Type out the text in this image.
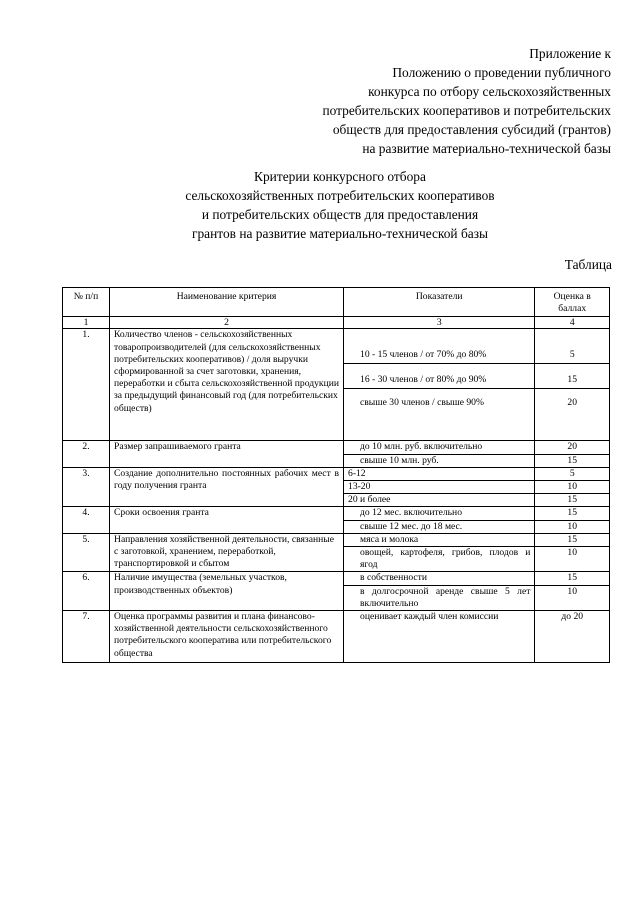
Приложение к
Положению о проведении публичного
конкурса по отбору сельскохозяйственных
потребительских кооперативов и потребительских
обществ для предоставления субсидий (грантов)
на развитие материально-технической базы
Критерии конкурсного отбора
сельскохозяйственных потребительских кооперативов
и потребительских обществ для предоставления
грантов на развитие материально-технической базы
Таблица
№ п/п	Наименование критерия	Показатели	Оценка в баллах
1	2	3	4
1.	Количество членов - сельскохозяйственных товаропроизводителей (для сельскохозяйственных потребительских кооперативов) / доля выручки сформированной за счет заготовки, хранения, переработки и сбыта сельскохозяйственной продукции за предыдущий финансовый год (для потребительских обществ)	10 - 15 членов / от 70% до 80%	5
		16 - 30 членов / от 80% до 90%	15
		свыше 30 членов / свыше 90%	20
2.	Размер запрашиваемого гранта	до 10 млн. руб. включительно	20
		свыше 10 млн. руб.	15
3.	Создание дополнительно постоянных рабочих мест в году получения гранта	6-12	5
		13-20	10
		20 и более	15
4.	Сроки освоения гранта	до 12 мес. включительно	15
		свыше 12 мес. до 18 мес.	10
5.	Направления хозяйственной деятельности, связанные с заготовкой, хранением, переработкой, транспортировкой и сбытом	мяса и молока	15
		овощей, картофеля, грибов, плодов и ягод	10
6.	Наличие имущества (земельных участков, производственных объектов)	в собственности	15
		в долгосрочной аренде свыше 5 лет включительно	10
7.	Оценка программы развития и плана финансово-хозяйственной деятельности сельскохозяйственного потребительского кооператива или потребительского общества	оценивает каждый член комиссии	до 20
